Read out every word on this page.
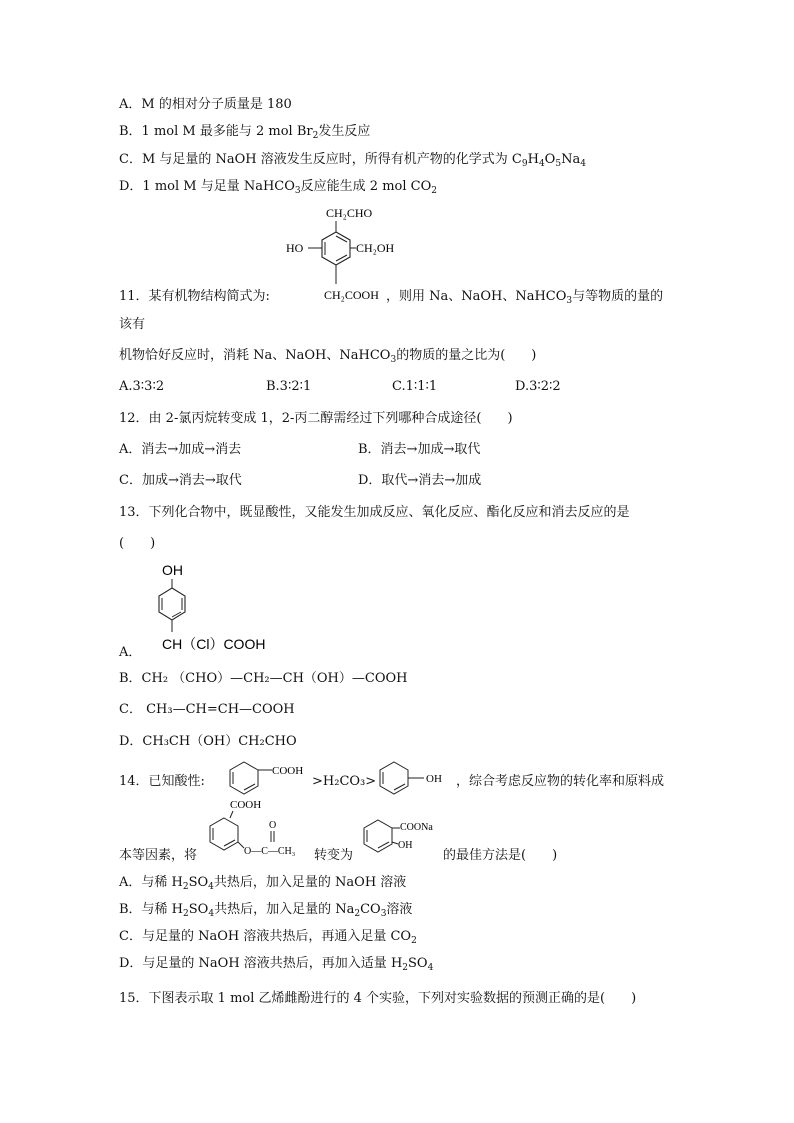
A．M 的相对分子质量是 180
B．1 mol M 最多能与 2 mol $Br_2$发生反应
C．M 与足量的 NaOH 溶液发生反应时，所得有机产物的化学式为 $C_9H_4O_5Na_4$
D．1 mol M 与足量 NaHCO$_3$反应能生成 2 mol $CO_2$
CH₂CHO
HO	CH₂OH
CH₂COOH
11．某有机物结构简式为:	，则用 Na、NaOH、NaHCO$_3$与等物质的量的
该有
机物恰好反应时，消耗 Na、NaOH、NaHCO$_3$的物质的量之比为(　　)
A.3∶3∶2	B.3∶2∶1	C.1∶1∶1	D.3∶2∶2
12．由 2-氯丙烷转变成 1，2-丙二醇需经过下列哪种合成途径(　　)
A．消去→加成→消去	B．消去→加成→取代
C．加成→消去→取代	D．取代→消去→加成
13．下列化合物中，既显酸性，又能发生加成反应、氧化反应、酯化反应和消去反应的是
(　　)
OH
CH（Cl）COOH
A．
B．CH₂ （CHO）—CH₂—CH（OH）—COOH
C． CH₃—CH=CH—COOH
D．CH₃CH（OH）CH₂CHO
14．已知酸性:
COOH
>H₂CO₃>	OH ，综合考虑反应物的转化率和原料成
本等因素，将
COOH
O
O—C—CH₃ 转变为
COONa
OH
的最佳方法是(　　)
A．与稀 $H_2SO_4$共热后，加入足量的 NaOH 溶液
B．与稀 $H_2SO_4$共热后，加入足量的 $Na_2CO_3$溶液
C．与足量的 NaOH 溶液共热后，再通入足量 $CO_2$
D．与足量的 NaOH 溶液共热后，再加入适量 $H_2SO_4$
15．下图表示取 1 mol 乙烯雌酚进行的 4 个实验，下列对实验数据的预测正确的是(　　)
